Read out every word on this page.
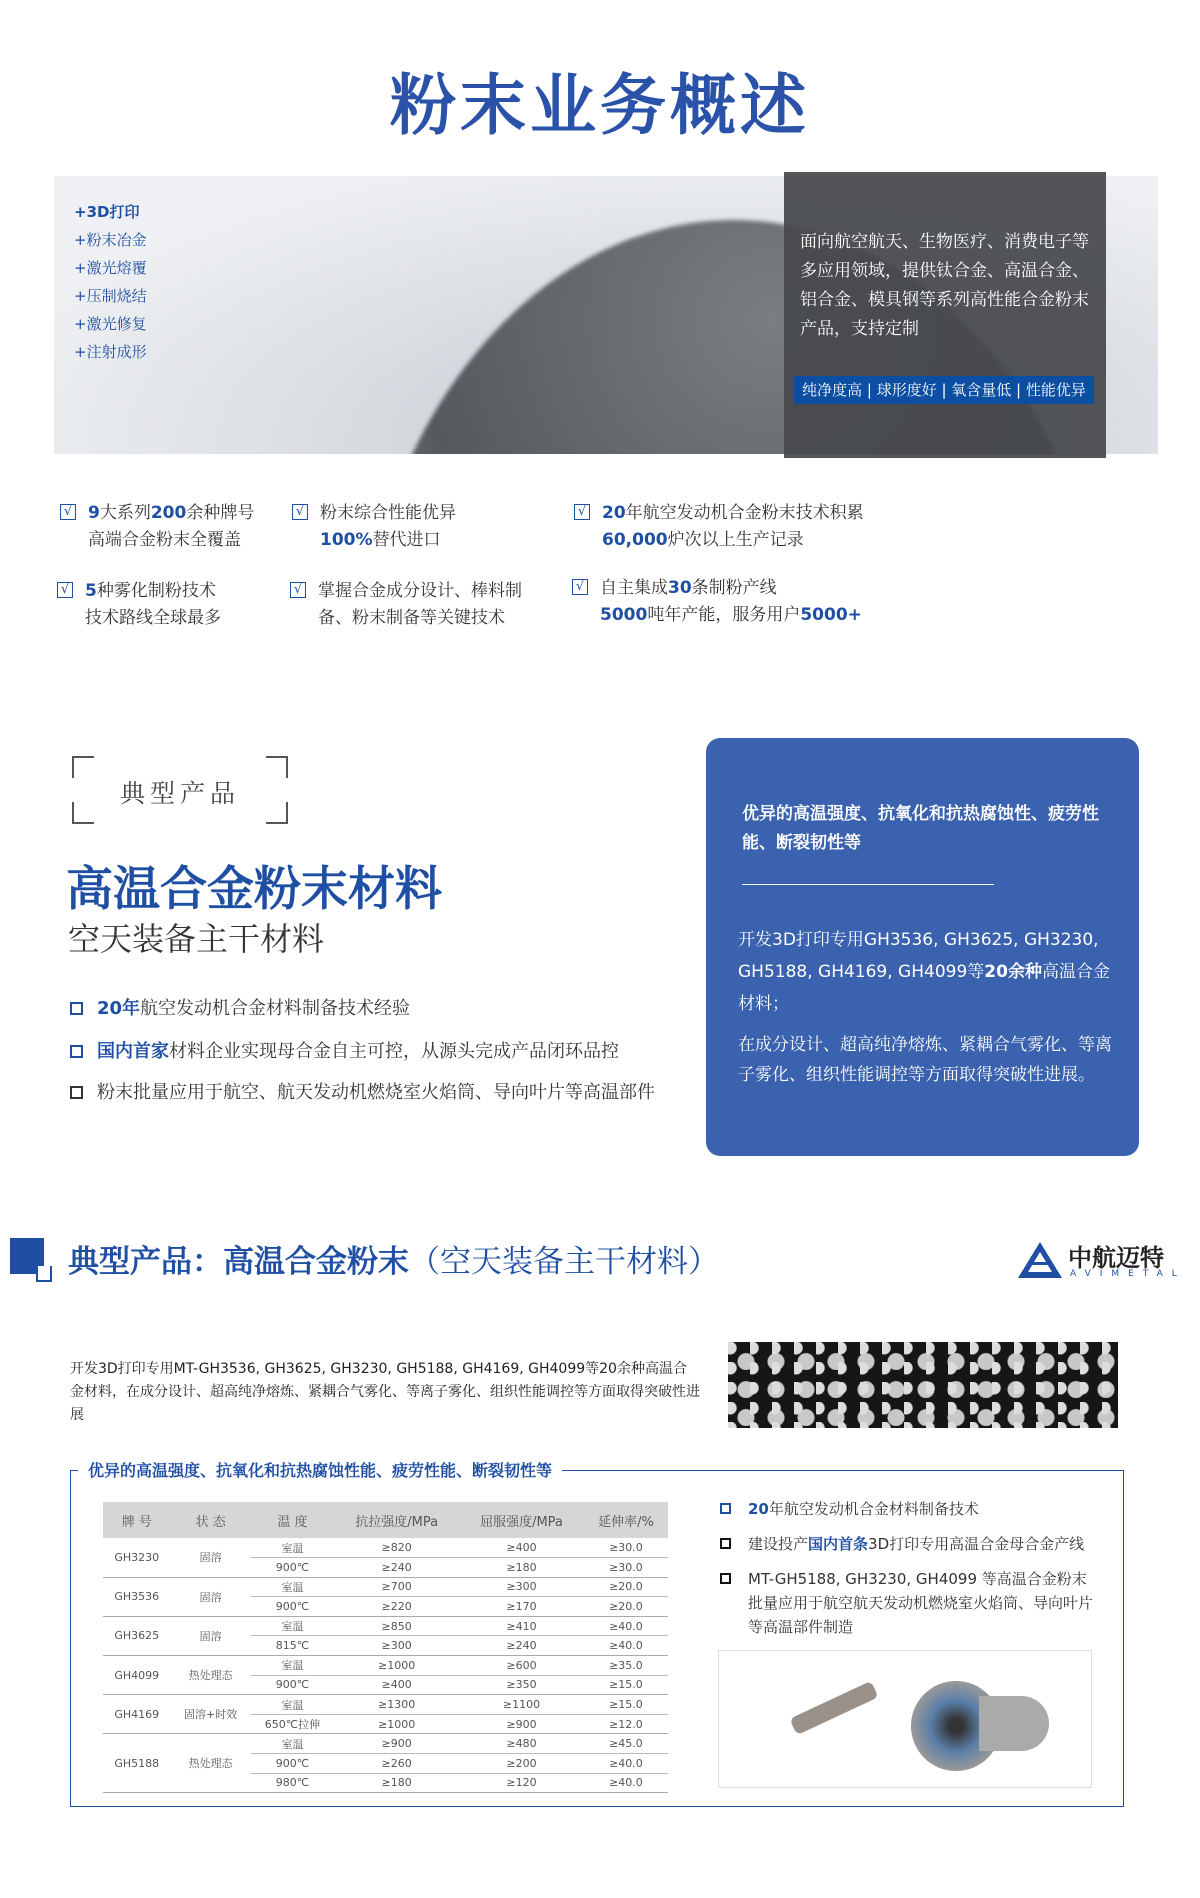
粉末业务概述
+3D打印
+粉末冶金
+激光熔覆
+压制烧结
+激光修复
+注射成形
面向航空航天、生物医疗、消费电子等多应用领域，提供钛合金、高温合金、铝合金、模具钢等系列高性能合金粉末产品，支持定制
纯净度高 | 球形度好 | 氧含量低 | 性能优异
√ 9大系列200余种牌号
高端合金粉末全覆盖
√ 粉末综合性能优异
100%替代进口
√ 20年航空发动机合金粉末技术积累
60,000炉次以上生产记录
√ 5种雾化制粉技术
技术路线全球最多
√ 掌握合金成分设计、棒料制
备、粉末制备等关键技术
√ 自主集成30条制粉产线
5000吨年产能，服务用户5000+
典型产品
高温合金粉末材料
空天装备主干材料
20年航空发动机合金材料制备技术经验
国内首家材料企业实现母合金自主可控，从源头完成产品闭环品控
粉末批量应用于航空、航天发动机燃烧室火焰筒、导向叶片等高温部件
优异的高温强度、抗氧化和抗热腐蚀性、疲劳性能、断裂韧性等
开发3D打印专用GH3536, GH3625, GH3230, GH5188, GH4169, GH4099等20余种高温合金材料；
在成分设计、超高纯净熔炼、紧耦合气雾化、等离子雾化、组织性能调控等方面取得突破性进展。
典型产品：高温合金粉末（空天装备主干材料）	中航迈特
AVIMETAL
开发3D打印专用MT-GH3536, GH3625, GH3230, GH5188, GH4169, GH4099等20余种高温合金材料，在成分设计、超高纯净熔炼、紧耦合气雾化、等离子雾化、组织性能调控等方面取得突破性进展
优异的高温强度、抗氧化和抗热腐蚀性能、疲劳性能、断裂韧性等
牌 号	状 态	温 度	抗拉强度/MPa	屈服强度/MPa	延伸率/%
GH3230	固溶	室温	≥820	≥400	≥30.0
		900℃	≥240	≥180	≥30.0
GH3536	固溶	室温	≥700	≥300	≥20.0
		900℃	≥220	≥170	≥20.0
GH3625	固溶	室温	≥850	≥410	≥40.0
		815℃	≥300	≥240	≥40.0
GH4099	热处理态	室温	≥1000	≥600	≥35.0
		900℃	≥400	≥350	≥15.0
GH4169	固溶+时效	室温	≥1300	≥1100	≥15.0
		650℃拉伸	≥1000	≥900	≥12.0
GH5188	热处理态	室温	≥900	≥480	≥45.0
		900℃	≥260	≥200	≥40.0
		980℃	≥180	≥120	≥40.0
20年航空发动机合金材料制备技术
建设投产国内首条3D打印专用高温合金母合金产线
MT-GH5188, GH3230, GH4099 等高温合金粉末批量应用于航空航天发动机燃烧室火焰筒、导向叶片等高温部件制造
